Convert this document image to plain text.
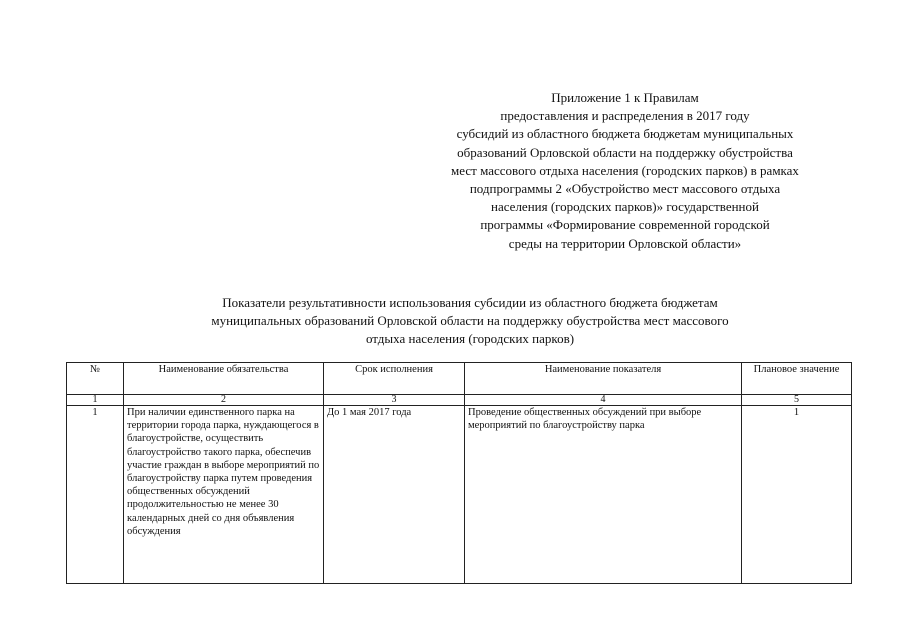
Приложение 1 к Правилам
предоставления и распределения в 2017 году
субсидий из областного бюджета бюджетам муниципальных
образований Орловской области на поддержку обустройства
мест массового отдыха населения (городских парков) в рамках
подпрограммы 2 «Обустройство мест массового отдыха
населения (городских парков)» государственной
программы «Формирование современной городской
среды на территории Орловской области»
Показатели результативности использования субсидии из областного бюджета бюджетам
муниципальных образований Орловской области на поддержку обустройства мест массового
отдыха населения (городских парков)
№	Наименование обязательства	Срок исполнения	Наименование показателя	Плановое значение
1	2	3	4	5
1	При наличии единственного парка на территории города парка, нуждающегося в благоустройстве, осуществить благоустройство такого парка, обеспечив участие граждан в выборе мероприятий по благоустройству парка путем проведения общественных обсуждений продолжительностью не менее 30 календарных дней со дня объявления обсуждения	До 1 мая 2017 года	Проведение общественных обсуждений при выборе мероприятий по благоустройству парка	1
